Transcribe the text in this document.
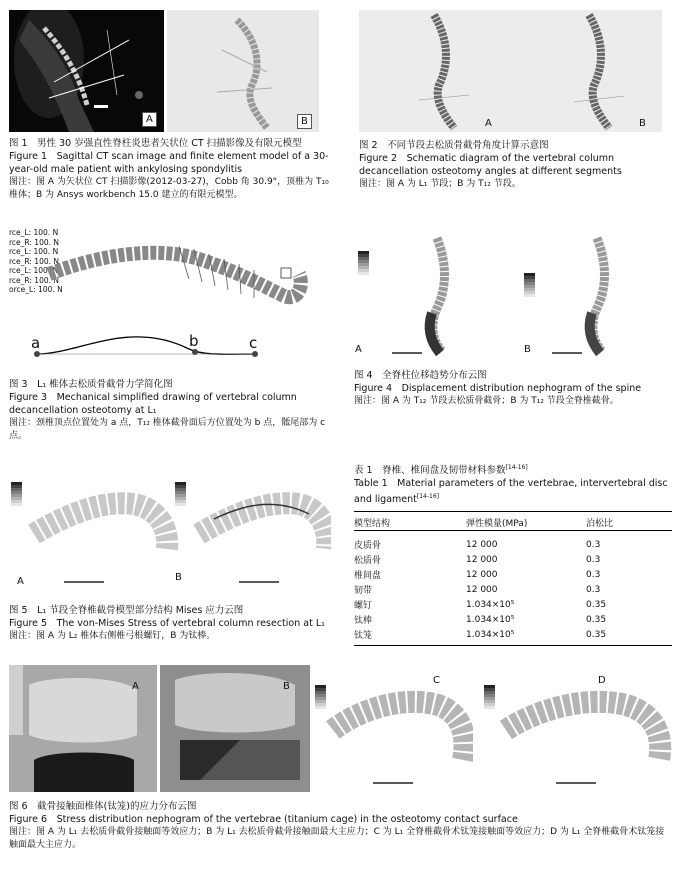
A	B
图 1　男性 30 岁强直性脊柱炎患者矢状位 CT 扫描影像及有限元模型
Figure 1　Sagittal CT scan image and finite element model of a 30-year-old male patient with ankylosing spondylitis
图注：图 A 为矢状位 CT 扫描影像(2012-03-27)，Cobb 角 30.9°，顶椎为 T₁₀ 椎体；B 为 Ansys workbench 15.0 建立的有限元模型。
A	B
图 2　不同节段去松质骨截骨角度计算示意图
Figure 2　Schematic diagram of the vertebral column decancellation osteotomy angles at different segments
图注：图 A 为 L₁ 节段；B 为 T₁₂ 节段。
rce_L: 100. N
rce_R: 100. N
rce_L: 100. N
rce_R: 100. N
rce_L: 100. N
rce_R: 100. N
orce_L: 100. N
a	b	c
图 3　L₁ 椎体去松质骨截骨力学简化图
Figure 3　Mechanical simplified drawing of vertebral column decancellation osteotomy at L₁
图注：颈椎顶点位置处为 a 点，T₁₂ 椎体截骨面后方位置处为 b 点，骶尾部为 c 点。
A	B
图 4　全脊柱位移趋势分布云图
Figure 4　Displacement distribution nephogram of the spine
图注：图 A 为 T₁₂ 节段去松质骨截骨；B 为 T₁₂ 节段全脊椎截骨。
A	B
图 5　L₁ 节段全脊椎截骨模型部分结构 Mises 应力云图
Figure 5　The von-Mises Stress of vertebral column resection at L₁
图注：图 A 为 L₂ 椎体右侧椎弓根螺钉，B 为钛棒。
表 1　脊椎、椎间盘及韧带材料参数[14-16]
Table 1　Material parameters of the vertebrae, intervertebral disc and ligament[14-16]
模型结构	弹性模量(MPa)	泊松比
皮质骨	12 000	0.3
松质骨	12 000	0.3
椎间盘	12 000	0.3
韧带	12 000	0.3
螺钉	1.034×10⁵	0.35
钛棒	1.034×10⁵	0.35
钛笼	1.034×10⁵	0.35
A	B
C	D
图 6　截骨接触面椎体(钛笼)的应力分布云图
Figure 6　Stress distribution nephogram of the vertebrae (titanium cage) in the osteotomy contact surface
图注：图 A 为 L₁ 去松质骨截骨接触面等效应力；B 为 L₁ 去松质骨截骨接触面最大主应力；C 为 L₁ 全脊椎截骨术钛笼接触面等效应力；D 为 L₁ 全脊椎截骨术钛笼接触面最大主应力。
